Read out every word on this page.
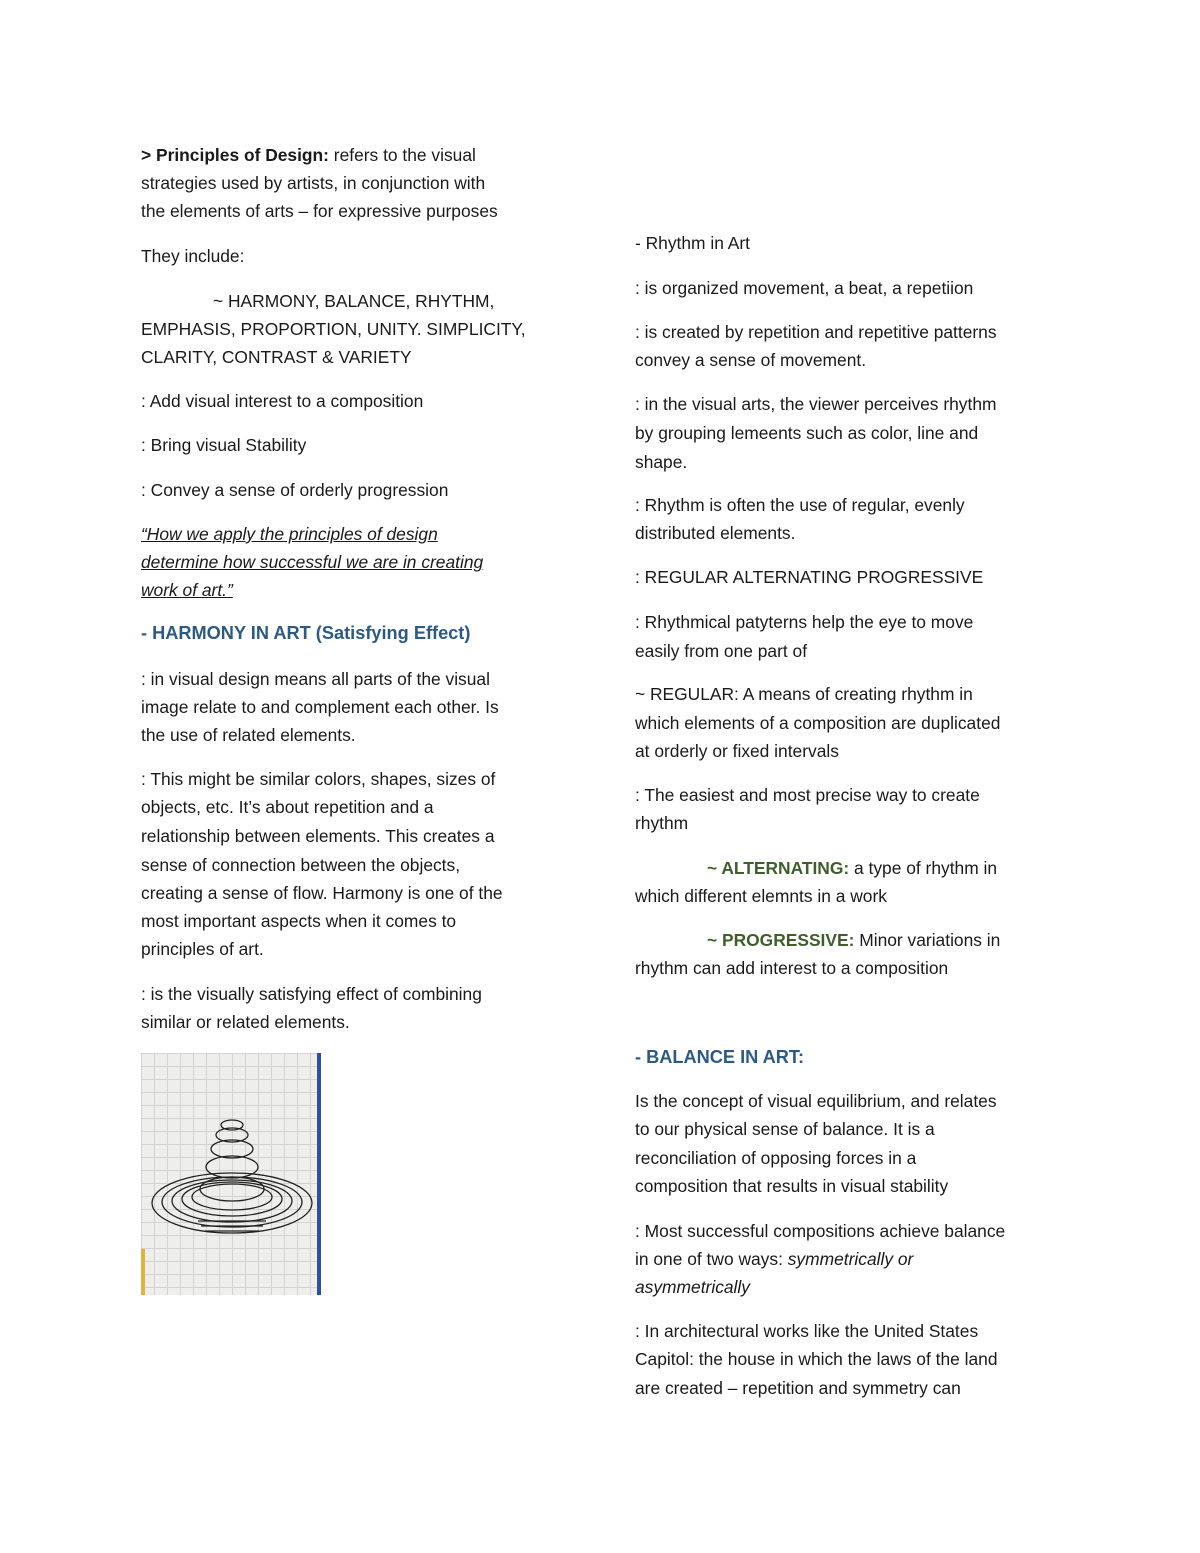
> Principles of Design: refers to the visual

strategies used by artists, in conjunction with

the elements of arts – for expressive purposes

They include:

~ HARMONY, BALANCE, RHYTHM,

EMPHASIS, PROPORTION, UNITY. SIMPLICITY,

CLARITY, CONTRAST & VARIETY

: Add visual interest to a composition

: Bring visual Stability

: Convey a sense of orderly progression

“How we apply the principles of design

determine how successful we are in creating

work of art.”

- HARMONY IN ART (Satisfying Effect)

: in visual design means all parts of the visual

image relate to and complement each other. Is

the use of related elements.

: This might be similar colors, shapes, sizes of

objects, etc. It’s about repetition and a

relationship between elements. This creates a

sense of connection between the objects,

creating a sense of flow. Harmony is one of the

most important aspects when it comes to

principles of art.

: is the visually satisfying effect of combining

similar or related elements.

- Rhythm in Art

: is organized movement, a beat, a repetiion

: is created by repetition and repetitive patterns

convey a sense of movement.

: in the visual arts, the viewer perceives rhythm

by grouping lemeents such as color, line and

shape.

: Rhythm is often the use of regular, evenly

distributed elements.

: REGULAR ALTERNATING PROGRESSIVE

: Rhythmical patyterns help the eye to move

easily from one part of

~ REGULAR: A means of creating rhythm in

which elements of a composition are duplicated

at orderly or fixed intervals

: The easiest and most precise way to create

rhythm

~ ALTERNATING: a type of rhythm in

which different elemnts in a work

~ PROGRESSIVE: Minor variations in

rhythm can add interest to a composition

- BALANCE IN ART:

Is the concept of visual equilibrium, and relates

to our physical sense of balance. It is a

reconciliation of opposing forces in a

composition that results in visual stability

: Most successful compositions achieve balance

in one of two ways: symmetrically or

asymmetrically

: In architectural works like the United States

Capitol: the house in which the laws of the land

are created – repetition and symmetry can
